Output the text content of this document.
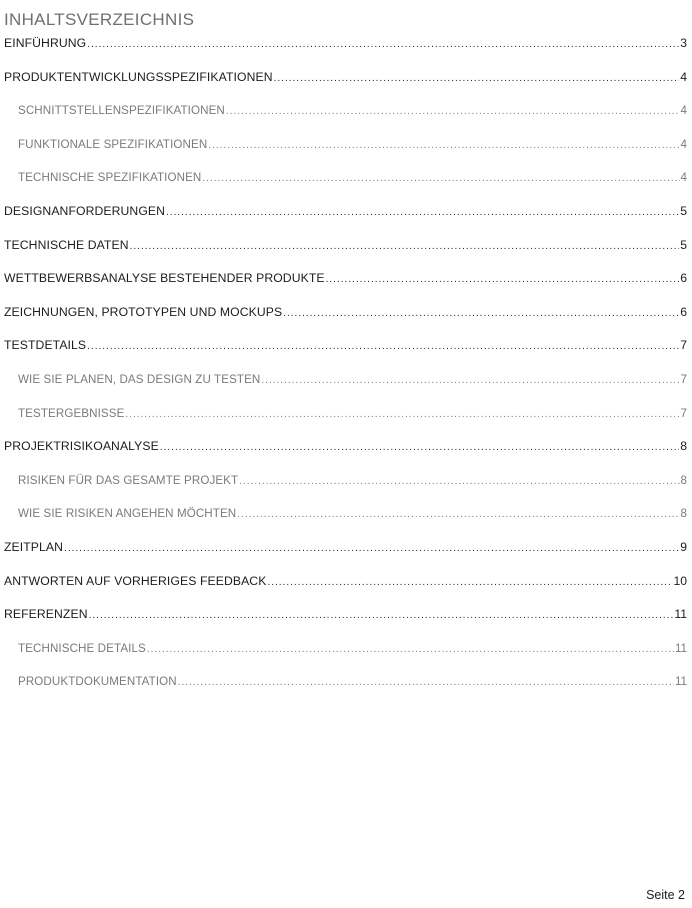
INHALTSVERZEICHNIS
EINFÜHRUNG .....	3
PRODUKTENTWICKLUNGSSPEZIFIKATIONEN .....	4
SCHNITTSTELLENSPEZIFIKATIONEN .....	4
FUNKTIONALE SPEZIFIKATIONEN .....	4
TECHNISCHE SPEZIFIKATIONEN .....	4
DESIGNANFORDERUNGEN .....	5
TECHNISCHE DATEN .....	5
WETTBEWERBSANALYSE BESTEHENDER PRODUKTE .....	6
ZEICHNUNGEN, PROTOTYPEN UND MOCKUPS .....	6
TESTDETAILS .....	7
WIE SIE PLANEN, DAS DESIGN ZU TESTEN .....	7
TESTERGEBNISSE .....	7
PROJEKTRISIKOANALYSE .....	8
RISIKEN FÜR DAS GESAMTE PROJEKT .....	8
WIE SIE RISIKEN ANGEHEN MÖCHTEN .....	8
ZEITPLAN .....	9
ANTWORTEN AUF VORHERIGES FEEDBACK .....	10
REFERENZEN .....	11
TECHNISCHE DETAILS .....	11
PRODUKTDOKUMENTATION .....	11
Seite 2
